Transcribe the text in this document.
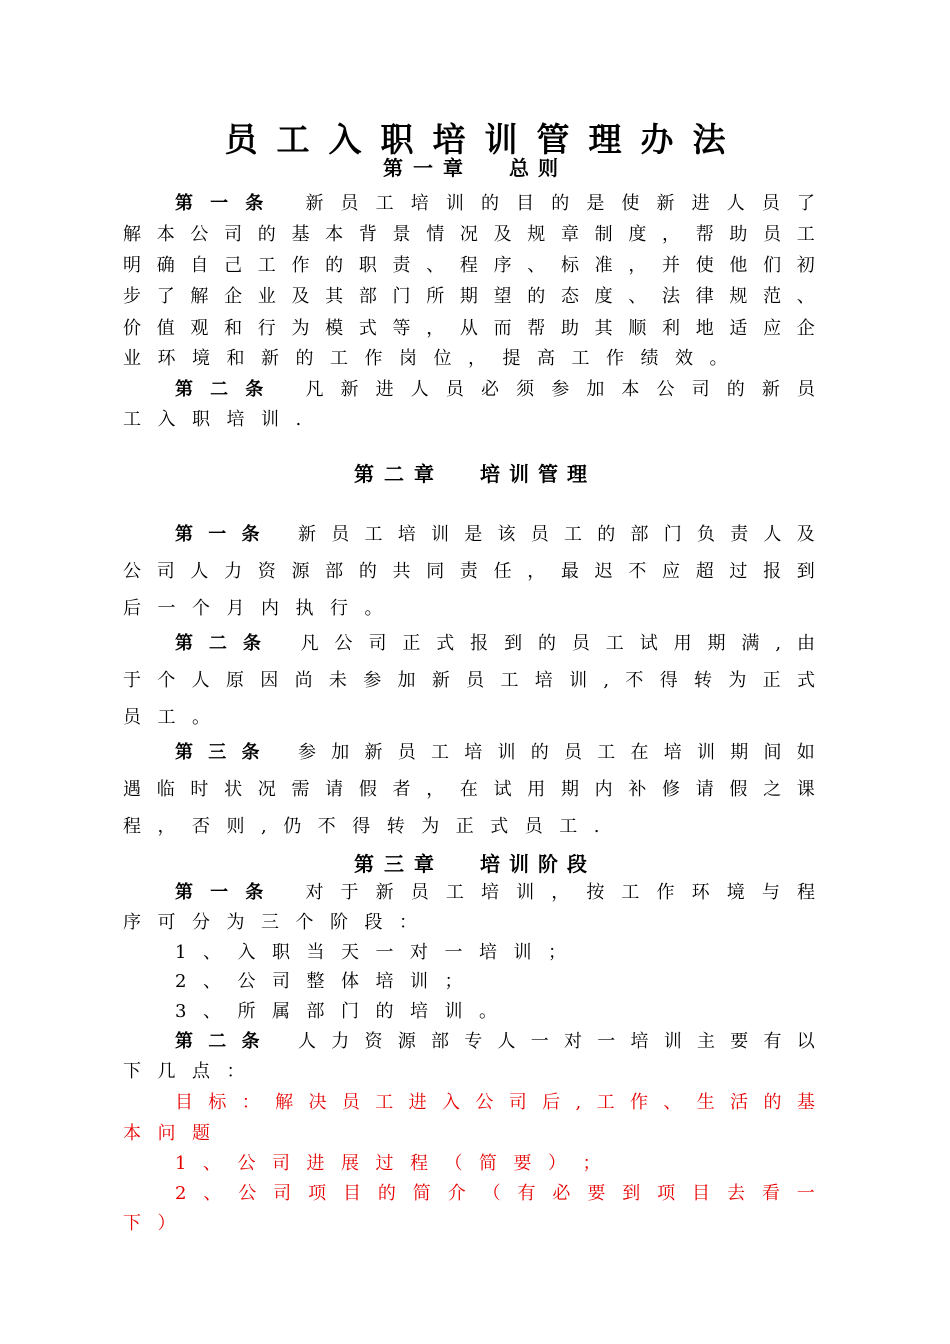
员工入职培训管理办法
第一章 总则

第 一 条 新 员 工 培 训 的 目 的 是 使 新 进 人 员 了

解 本 公 司 的 基 本 背 景 情 况 及 规 章 制 度 ， 帮 助 员 工

明 确 自 己 工 作 的 职 责 、 程 序 、 标 准 ， 并 使 他 们 初

步 了 解 企 业 及 其 部 门 所 期 望 的 态 度 、 法 律 规 范 、

价 值 观 和 行 为 模 式 等 ， 从 而 帮 助 其 顺 利 地 适 应 企

业 环 境 和 新 的 工 作 岗 位 ， 提 高 工 作 绩 效 。

第 二 条 凡 新 进 人 员 必 须 参 加 本 公 司 的 新 员

工 入 职 培 训 .

第二章 培训管理

第 一 条 新 员 工 培 训 是 该 员 工 的 部 门 负 责 人 及

公 司 人 力 资 源 部 的 共 同 责 任 ， 最 迟 不 应 超 过 报 到

后 一 个 月 内 执 行 。

第 二 条 凡 公 司 正 式 报 到 的 员 工 试 用 期 满 , 由

于 个 人 原 因 尚 未 参 加 新 员 工 培 训 , 不 得 转 为 正 式

员 工 。

第 三 条 参 加 新 员 工 培 训 的 员 工 在 培 训 期 间 如

遇 临 时 状 况 需 请 假 者 ， 在 试 用 期 内 补 修 请 假 之 课

程 ， 否 则 , 仍 不 得 转 为 正 式 员 工 .

第三章 培训阶段

第 一 条 对 于 新 员 工 培 训 ， 按 工 作 环 境 与 程

序 可 分 为 三 个 阶 段 ：

1 、 入 职 当 天 一 对 一 培 训 ；

2 、 公 司 整 体 培 训 ；

3 、 所 属 部 门 的 培 训 。

第 二 条 人 力 资 源 部 专 人 一 对 一 培 训 主 要 有 以

下 几 点 ：

目 标 ： 解 决 员 工 进 入 公 司 后 , 工 作 、 生 活 的 基

本 问 题

1 、 公 司 进 展 过 程 （ 简 要 ） ；

2 、 公 司 项 目 的 简 介 （ 有 必 要 到 项 目 去 看 一

下 ）
